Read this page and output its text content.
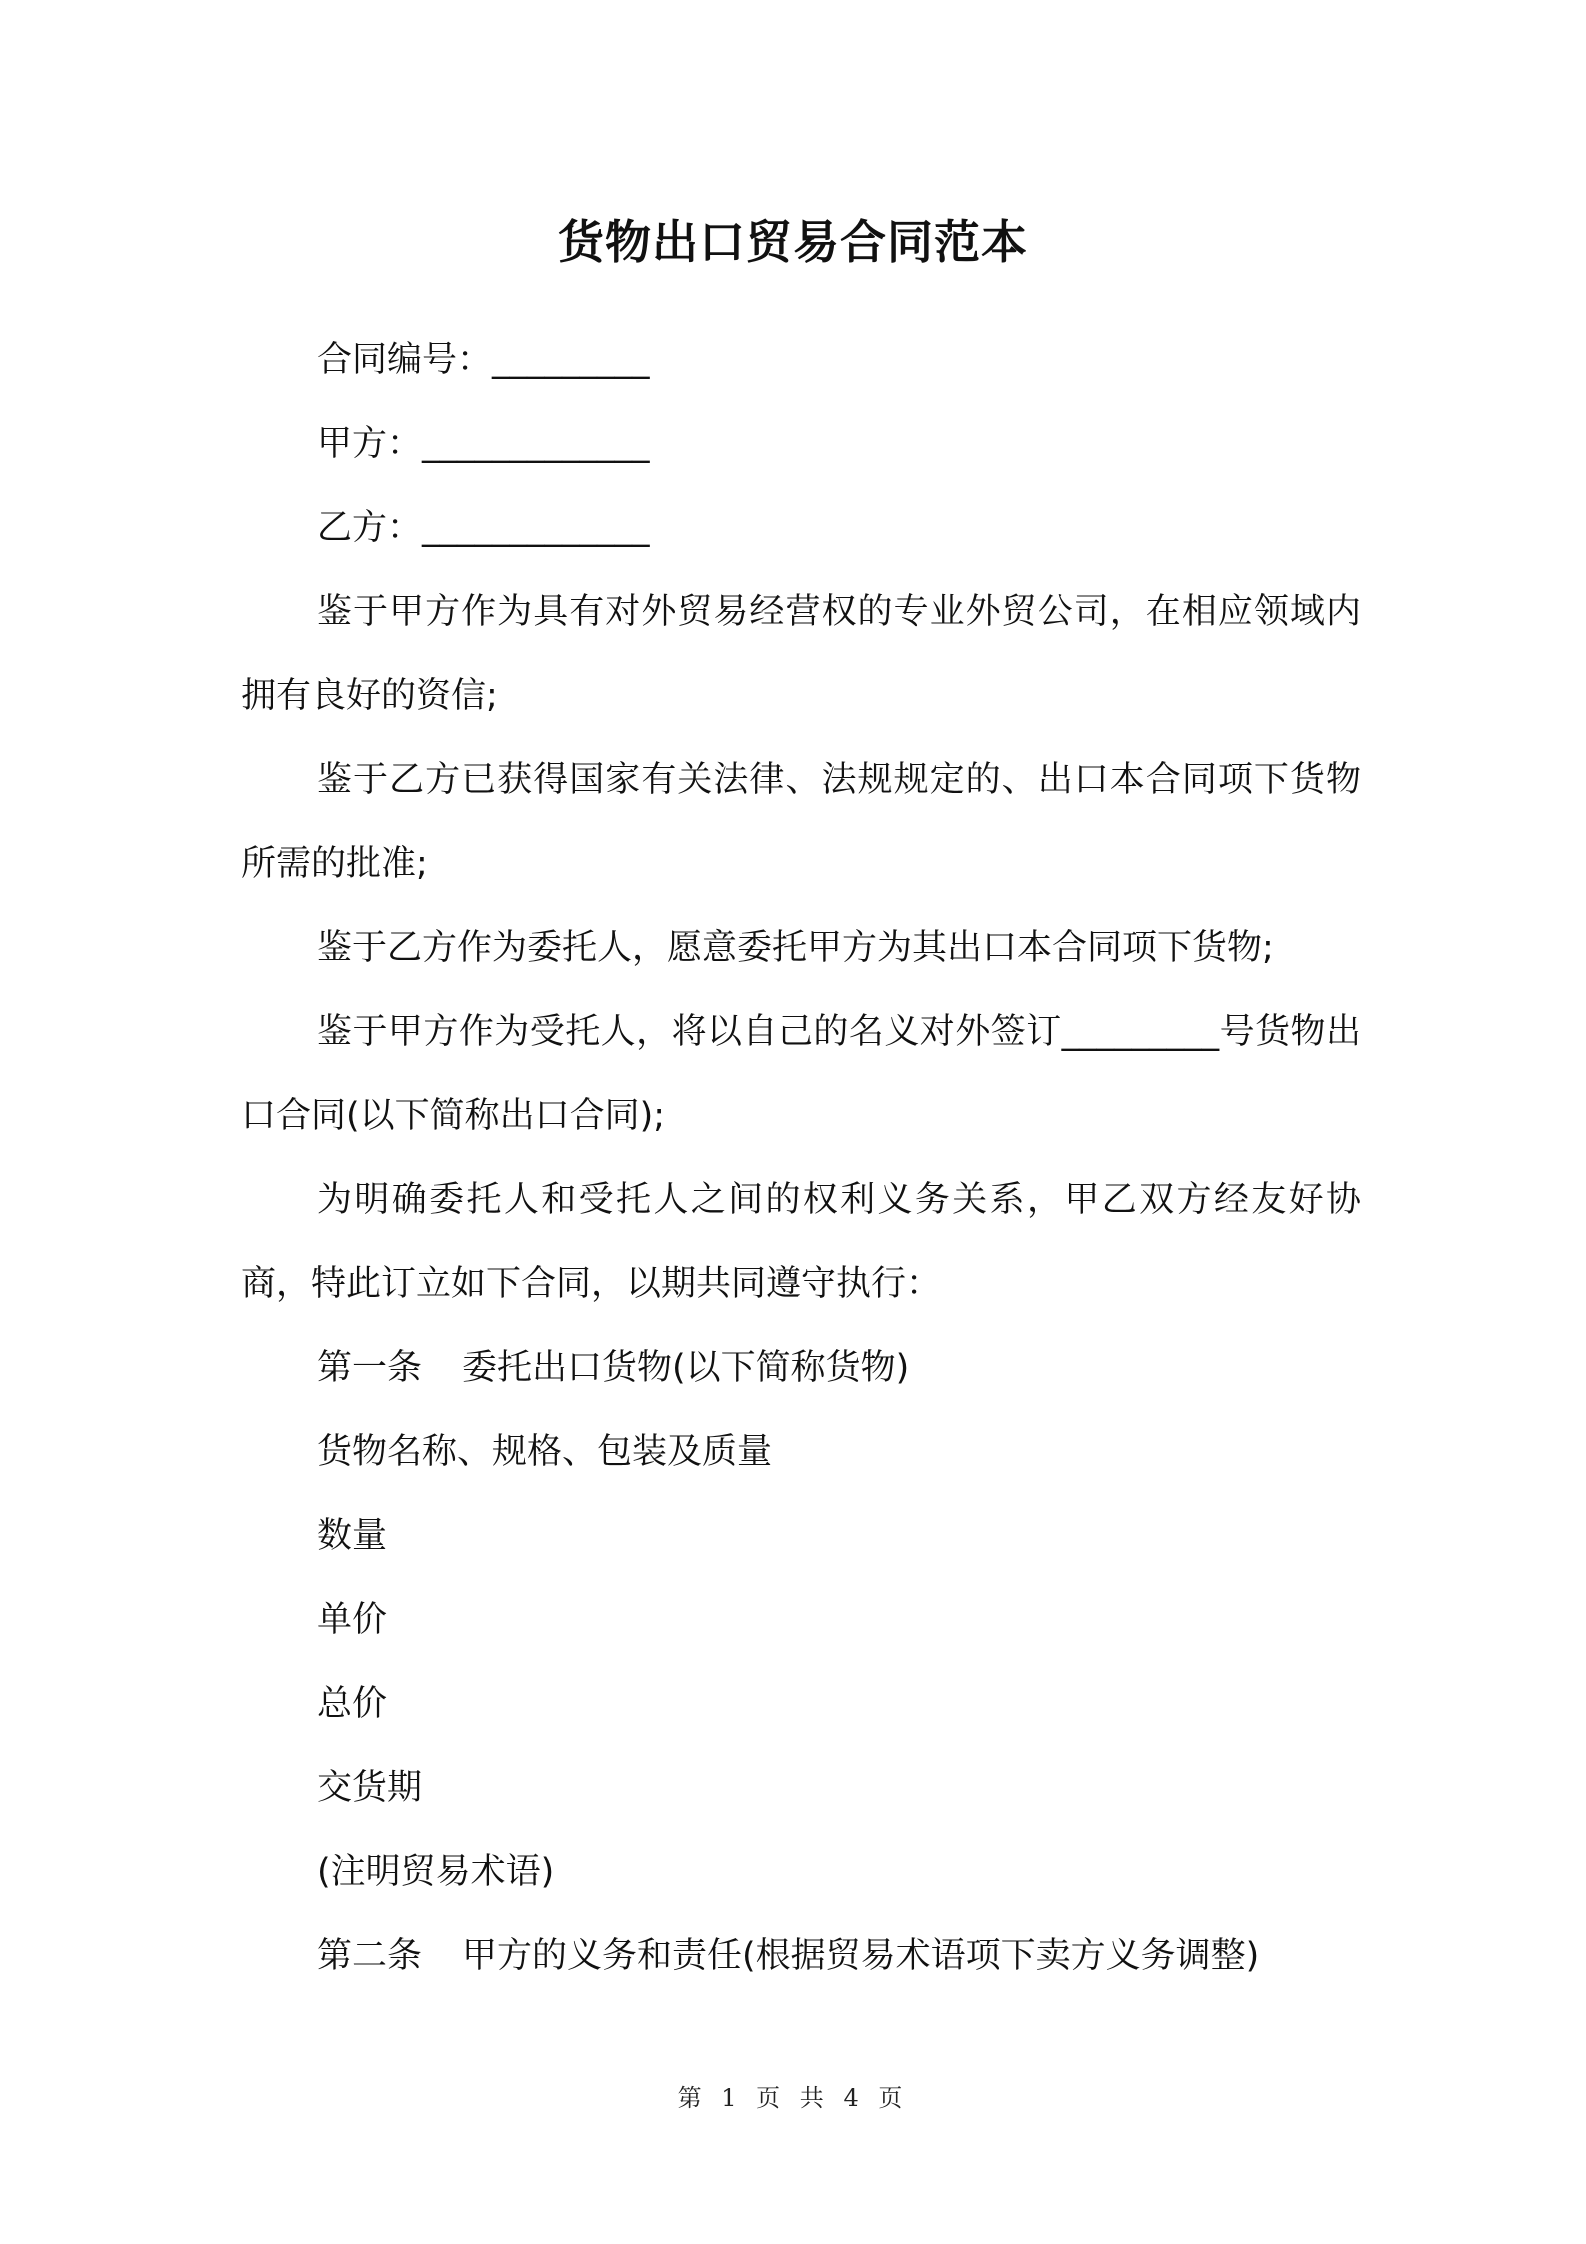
货物出口贸易合同范本
合同编号：_________
甲方：_____________
乙方：_____________

鉴于甲方作为具有对外贸易经营权的专业外贸公司，在相应领域内拥有良好的资信;

鉴于乙方已获得国家有关法律、法规规定的、出口本合同项下货物所需的批准;

鉴于乙方作为委托人，愿意委托甲方为其出口本合同项下货物;

鉴于甲方作为受托人，将以自己的名义对外签订_________号货物出口合同(以下简称出口合同);

为明确委托人和受托人之间的权利义务关系，甲乙双方经友好协商，特此订立如下合同，以期共同遵守执行：

第一条 委托出口货物(以下简称货物)
货物名称、规格、包装及质量
数量
单价
总价
交货期
(注明贸易术语)
第二条 甲方的义务和责任(根据贸易术语项下卖方义务调整)
第 1 页 共 4 页
